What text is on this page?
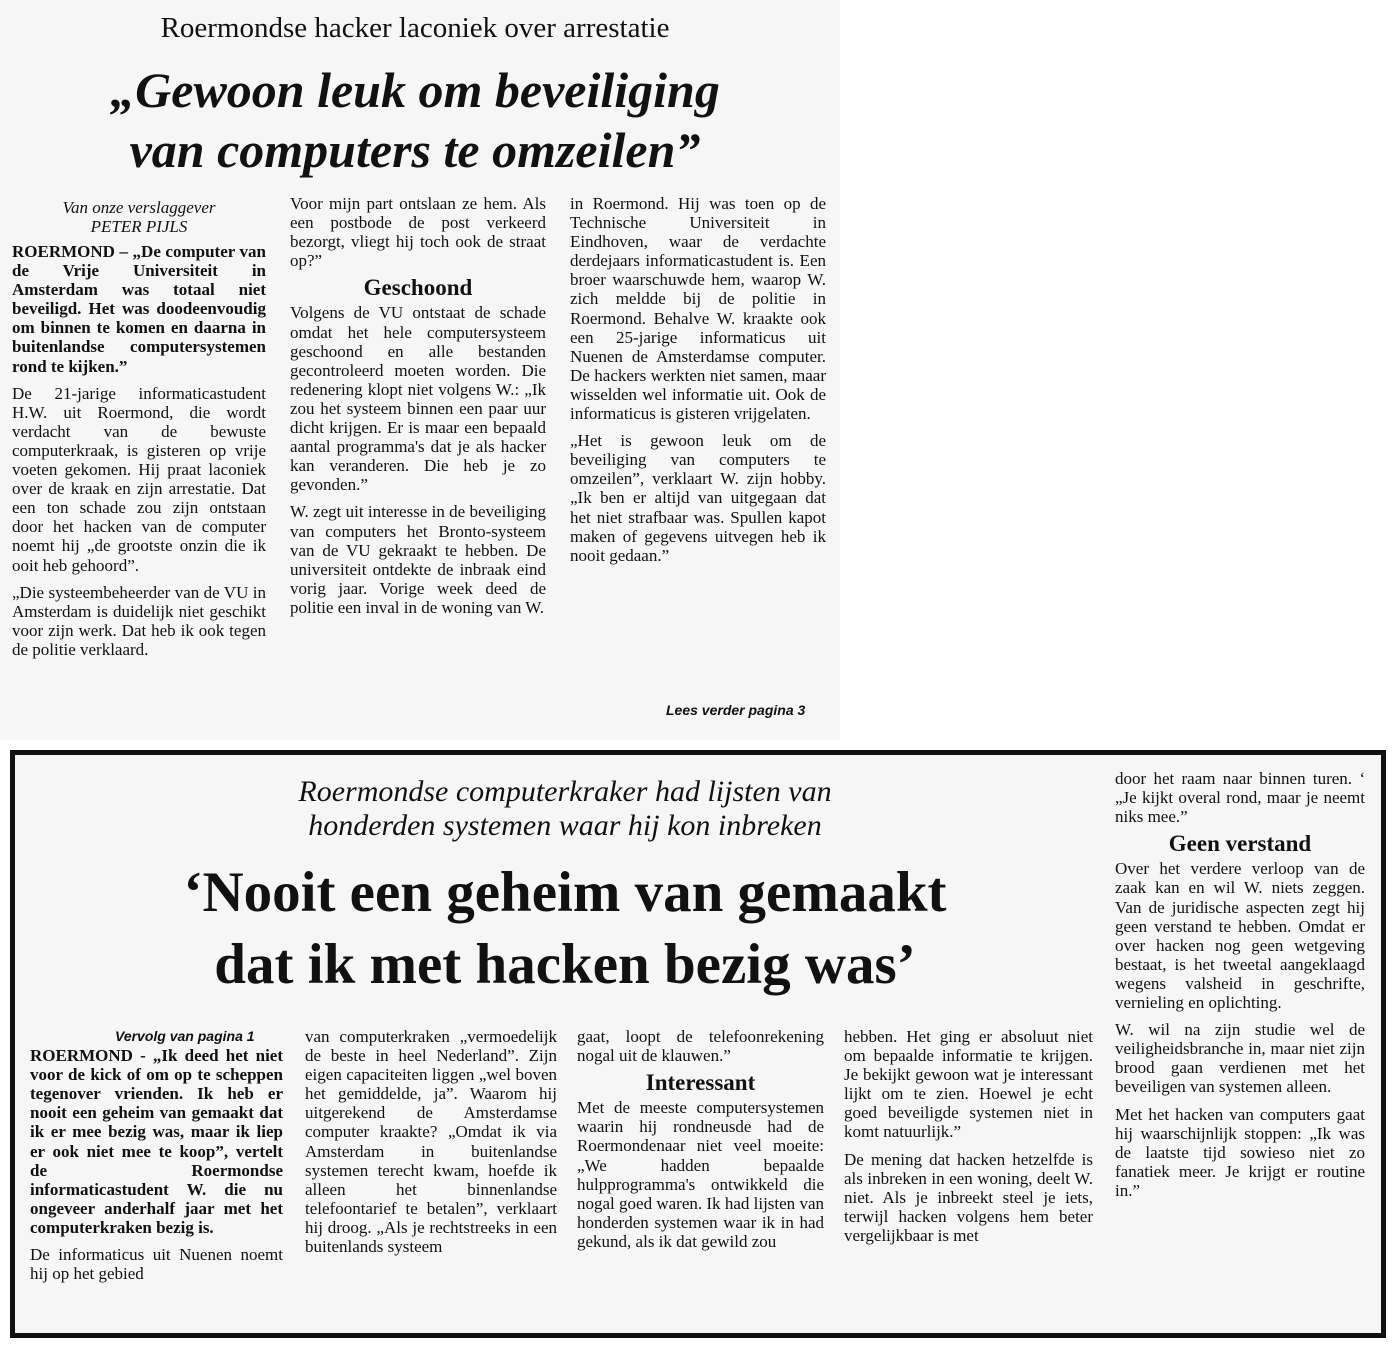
Roermondse hacker laconiek over arrestatie
„Gewoon leuk om beveiliging
van computers te omzeilen”
Van onze verslaggever
PETER PIJLS

ROERMOND – „De computer van de Vrije Universiteit in Amsterdam was totaal niet beveiligd. Het was doodeenvoudig om binnen te komen en daarna in buitenlandse computersystemen rond te kijken.”

De 21-jarige informaticastudent H.W. uit Roermond, die wordt verdacht van de bewuste computerkraak, is gisteren op vrije voeten gekomen. Hij praat laconiek over de kraak en zijn arrestatie. Dat een ton schade zou zijn ontstaan door het hacken van de computer noemt hij „de grootste onzin die ik ooit heb gehoord”.

„Die systeembeheerder van de VU in Amsterdam is duidelijk niet geschikt voor zijn werk. Dat heb ik ook tegen de politie verklaard.

Voor mijn part ontslaan ze hem. Als een postbode de post verkeerd bezorgt, vliegt hij toch ook de straat op?”

Geschoond

Volgens de VU ontstaat de schade omdat het hele computersysteem geschoond en alle bestanden gecontroleerd moeten worden. Die redenering klopt niet volgens W.: „Ik zou het systeem binnen een paar uur dicht krijgen. Er is maar een bepaald aantal programma's dat je als hacker kan veranderen. Die heb je zo gevonden.”

W. zegt uit interesse in de beveiliging van computers het Bronto-systeem van de VU gekraakt te hebben. De universiteit ontdekte de inbraak eind vorig jaar. Vorige week deed de politie een inval in de woning van W.

in Roermond. Hij was toen op de Technische Universiteit in Eindhoven, waar de verdachte derdejaars informaticastudent is. Een broer waarschuwde hem, waarop W. zich meldde bij de politie in Roermond. Behalve W. kraakte ook een 25-jarige informaticus uit Nuenen de Amsterdamse computer. De hackers werkten niet samen, maar wisselden wel informatie uit. Ook de informaticus is gisteren vrijgelaten.

„Het is gewoon leuk om de beveiliging van computers te omzeilen”, verklaart W. zijn hobby. „Ik ben er altijd van uitgegaan dat het niet strafbaar was. Spullen kapot maken of gegevens uitvegen heb ik nooit gedaan.”

Lees verder pagina 3
Roermondse computerkraker had lijsten van
honderden systemen waar hij kon inbreken
‘Nooit een geheim van gemaakt
dat ik met hacken bezig was’
Vervolg van pagina 1

ROERMOND - „Ik deed het niet voor de kick of om op te scheppen tegenover vrienden. Ik heb er nooit een geheim van gemaakt dat ik er mee bezig was, maar ik liep er ook niet mee te koop”, vertelt de Roermondse informaticastudent W. die nu ongeveer anderhalf jaar met het computerkraken bezig is.

De informaticus uit Nuenen noemt hij op het gebied

van computerkraken „vermoedelijk de beste in heel Nederland”. Zijn eigen capaciteiten liggen „wel boven het gemiddelde, ja”. Waarom hij uitgerekend de Amsterdamse computer kraakte? „Omdat ik via Amsterdam in buitenlandse systemen terecht kwam, hoefde ik alleen het binnenlandse telefoontarief te betalen”, verklaart hij droog. „Als je rechtstreeks in een buitenlands systeem

gaat, loopt de telefoonrekening nogal uit de klauwen.”

Interessant

Met de meeste computersystemen waarin hij rondneusde had de Roermondenaar niet veel moeite: „We hadden bepaalde hulpprogramma's ontwikkeld die nogal goed waren. Ik had lijsten van honderden systemen waar ik in had gekund, als ik dat gewild zou

hebben. Het ging er absoluut niet om bepaalde informatie te krijgen. Je bekijkt gewoon wat je interessant lijkt om te zien. Hoewel je echt goed beveiligde systemen niet in komt natuurlijk.”

De mening dat hacken hetzelfde is als inbreken in een woning, deelt W. niet. Als je inbreekt steel je iets, terwijl hacken volgens hem beter vergelijkbaar is met

door het raam naar binnen turen. ‘ „Je kijkt overal rond, maar je neemt niks mee.”

Geen verstand

Over het verdere verloop van de zaak kan en wil W. niets zeggen. Van de juridische aspecten zegt hij geen verstand te hebben. Omdat er over hacken nog geen wetgeving bestaat, is het tweetal aangeklaagd wegens valsheid in geschrifte, vernieling en oplichting.

W. wil na zijn studie wel de veiligheidsbranche in, maar niet zijn brood gaan verdienen met het beveiligen van systemen alleen.

Met het hacken van computers gaat hij waarschijnlijk stoppen: „Ik was de laatste tijd sowieso niet zo fanatiek meer. Je krijgt er routine in.”
